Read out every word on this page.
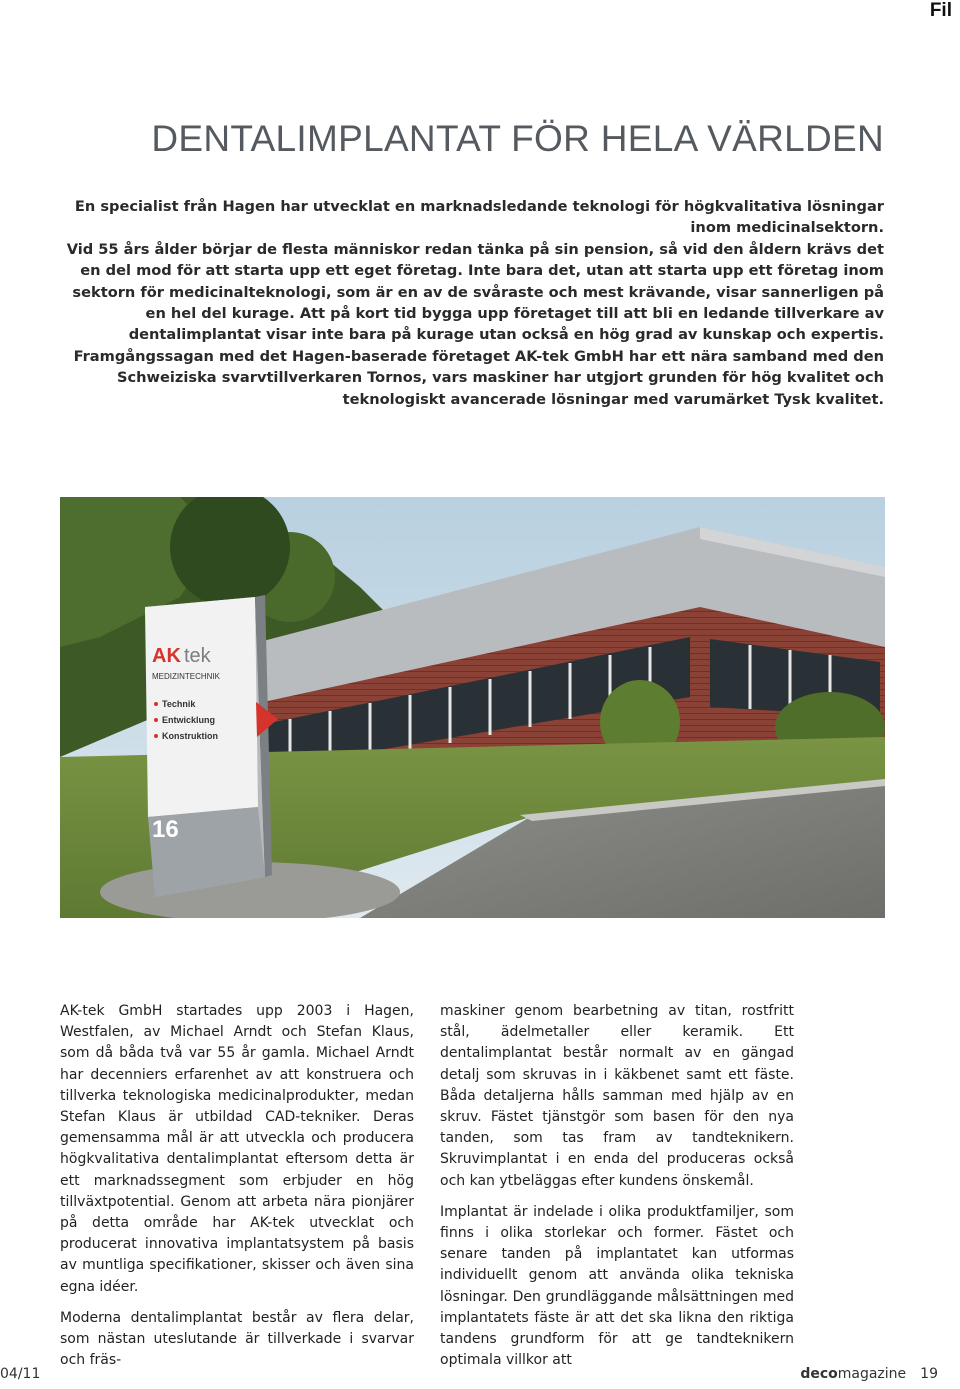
Fil
DENTALIMPLANTAT FÖR HELA VÄRLDEN

En specialist från Hagen har utvecklat en marknadsledande teknologi för högkvalitativa lösningar inom medicinalsektorn.

Vid 55 års ålder börjar de flesta människor redan tänka på sin pension, så vid den åldern krävs det en del mod för att starta upp ett eget företag. Inte bara det, utan att starta upp ett företag inom sektorn för medicinalteknologi, som är en av de svåraste och mest krävande, visar sannerligen på en hel del kurage. Att på kort tid bygga upp företaget till att bli en ledande tillverkare av dentalimplantat visar inte bara på kurage utan också en hög grad av kunskap och expertis. Framgångssagan med det Hagen-baserade företaget AK-tek GmbH har ett nära samband med den Schweiziska svarvtillverkaren Tornos, vars maskiner har utgjort grunden för hög kvalitet och teknologiskt avancerade lösningar med varumärket Tysk kvalitet.

AK tek
MEDIZINTECHNIK
Technik
Entwicklung
Konstruktion
16

AK-tek GmbH startades upp 2003 i Hagen, Westfalen, av Michael Arndt och Stefan Klaus, som då båda två var 55 år gamla. Michael Arndt har decenniers erfarenhet av att konstruera och tillverka teknologiska medicinalprodukter, medan Stefan Klaus är utbildad CAD-tekniker. Deras gemensamma mål är att utveckla och producera högkvalitativa dentalimplantat eftersom detta är ett marknadssegment som erbjuder en hög tillväxtpotential. Genom att arbeta nära pionjärer på detta område har AK-tek utvecklat och producerat innovativa implantatsystem på basis av muntliga specifikationer, skisser och även sina egna idéer.

Moderna dentalimplantat består av flera delar, som nästan uteslutande är tillverkade i svarvar och fräs-

maskiner genom bearbetning av titan, rostfritt stål, ädelmetaller eller keramik. Ett dentalimplantat består normalt av en gängad detalj som skruvas in i käkbenet samt ett fäste. Båda detaljerna hålls samman med hjälp av en skruv. Fästet tjänstgör som basen för den nya tanden, som tas fram av tandteknikern. Skruvimplantat i en enda del produceras också och kan ytbeläggas efter kundens önskemål.

Implantat är indelade i olika produktfamiljer, som finns i olika storlekar och former. Fästet och senare tanden på implantatet kan utformas individuellt genom att använda olika tekniska lösningar. Den grundläggande målsättningen med implantatets fäste är att det ska likna den riktiga tandens grundform för att ge tandteknikern optimala villkor att

04/11	decomagazine 19
